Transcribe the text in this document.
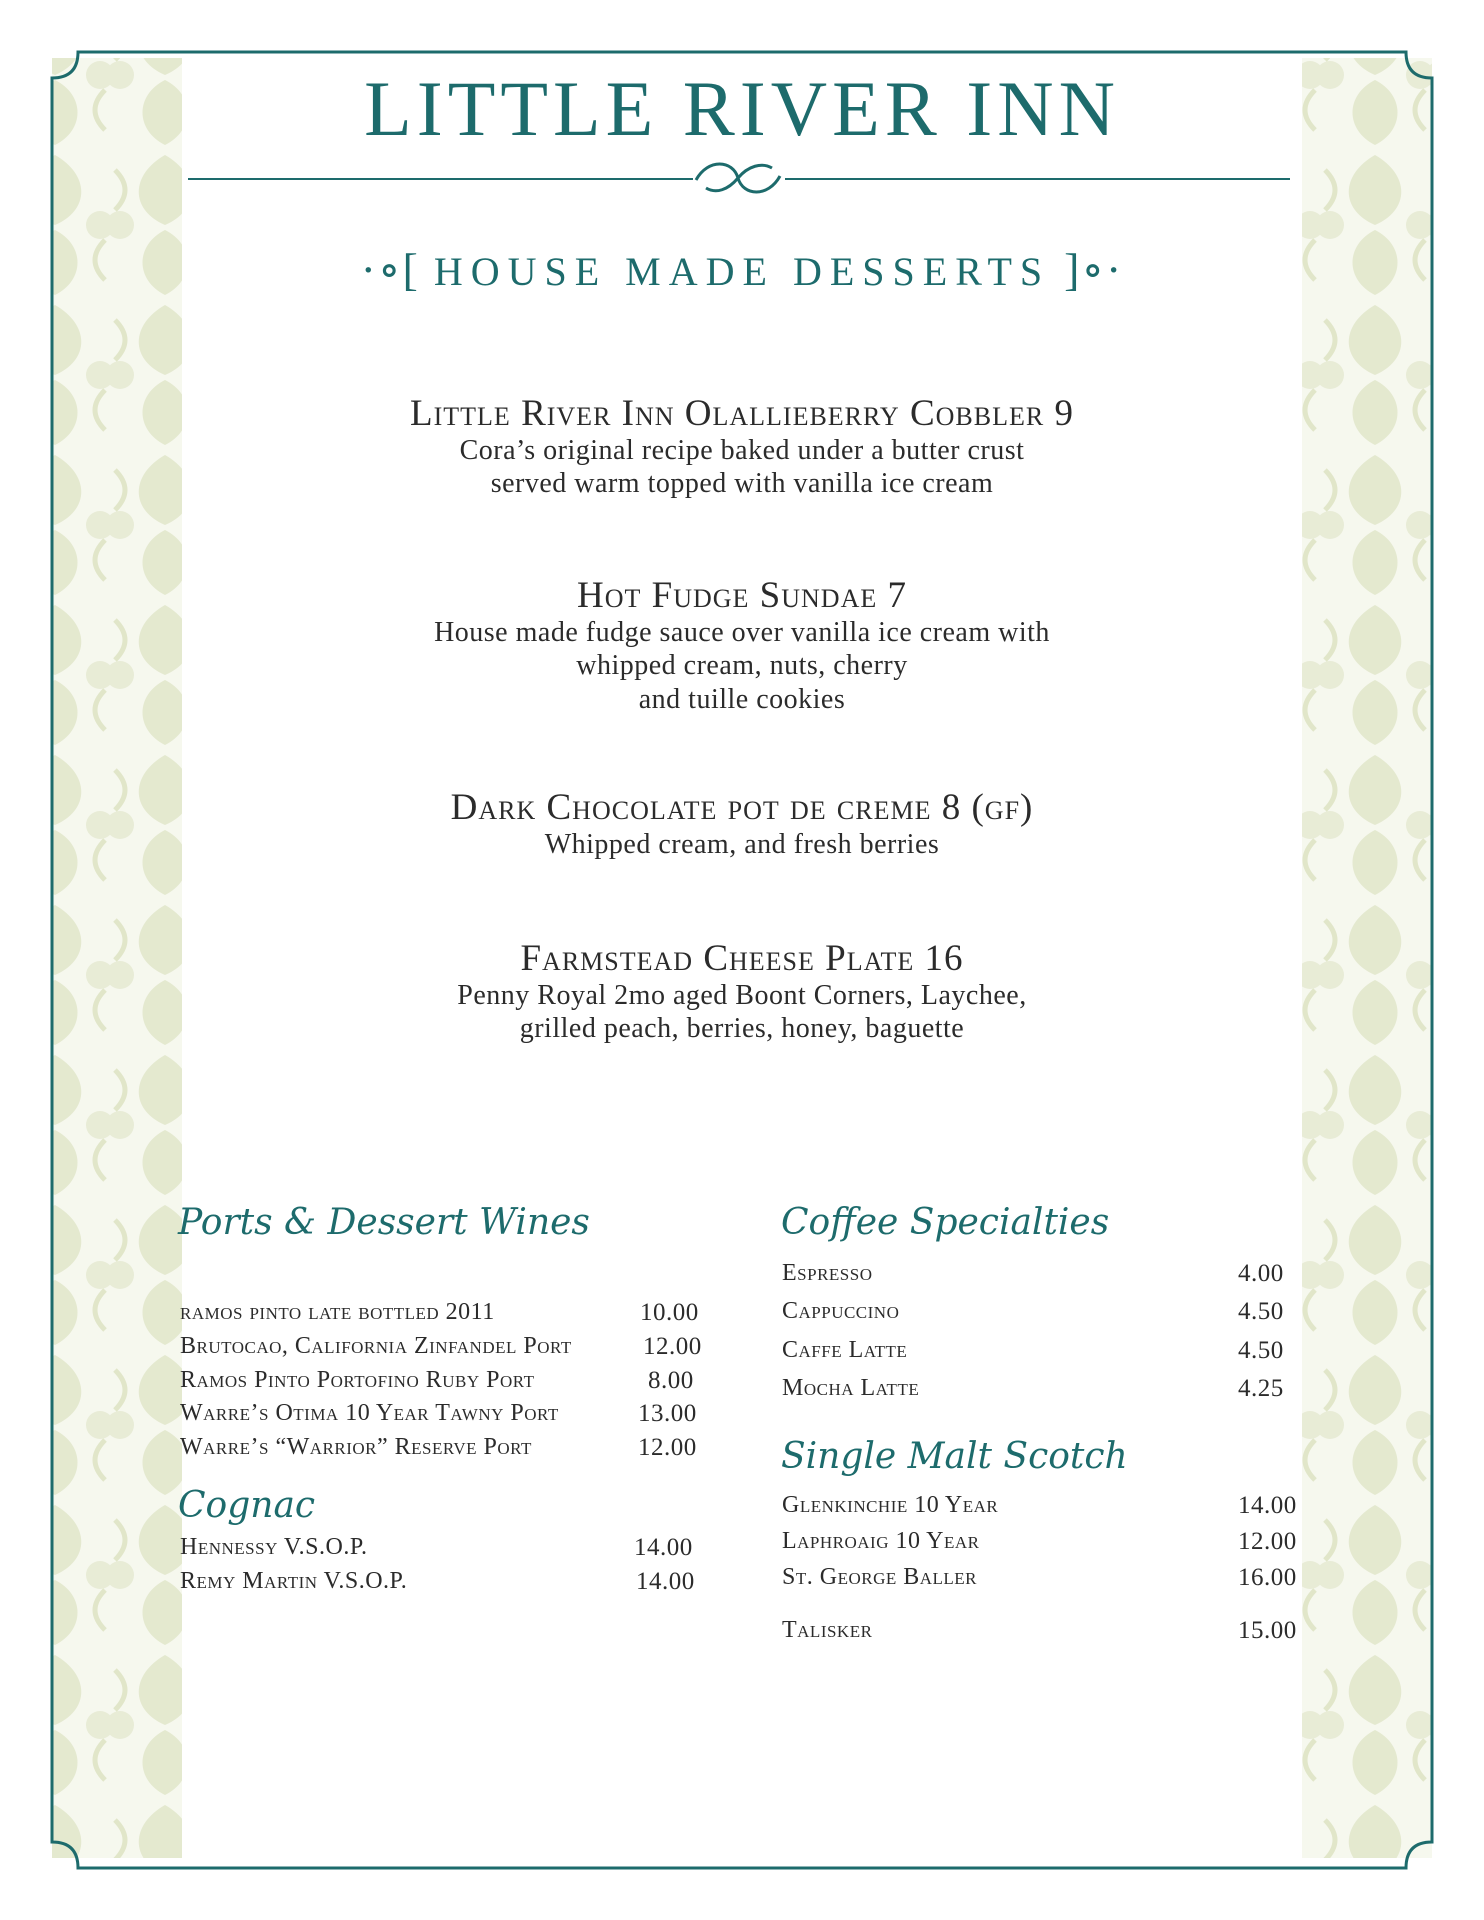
LITTLE RIVER INN
·∘[ HOUSE MADE DESSERTS ]∘·
Little River Inn Olallieberry Cobbler 9
Cora’s original recipe baked under a butter crust
served warm topped with vanilla ice cream
Hot Fudge Sundae 7
House made fudge sauce over vanilla ice cream with
whipped cream, nuts, cherry
and tuille cookies
Dark Chocolate pot de creme 8 (gf)
Whipped cream, and fresh berries
Farmstead Cheese Plate 16
Penny Royal 2mo aged Boont Corners, Laychee,
grilled peach, berries, honey, baguette
Ports & Dessert Wines
ramos pinto late bottled 2011	10.00
Brutocao, California Zinfandel Port	12.00
Ramos Pinto Portofino Ruby Port	8.00
Warre’s Otima 10 Year Tawny Port	13.00
Warre’s “Warrior” Reserve Port	12.00
Cognac
Hennessy V.S.O.P.	14.00
Remy Martin V.S.O.P.	14.00
Coffee Specialties
Espresso	4.00
Cappuccino	4.50
Caffe Latte	4.50
Mocha Latte	4.25
Single Malt Scotch
Glenkinchie 10 Year	14.00
Laphroaig 10 Year	12.00
St. George Baller	16.00
Talisker	15.00
